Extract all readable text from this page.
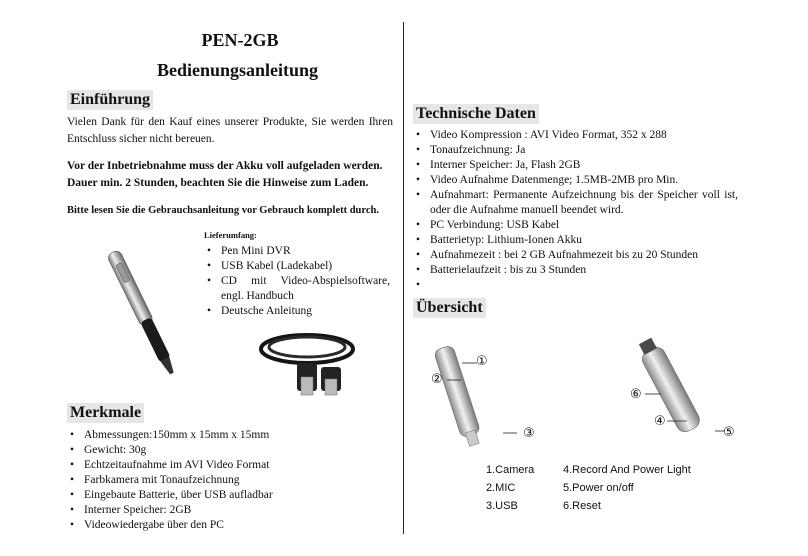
PEN-2GB
Bedienungsanleitung
Einführung
Vielen Dank für den Kauf eines unserer Produkte, Sie werden Ihren Entschluss sicher nicht bereuen.
Vor der Inbetriebnahme muss der Akku voll aufgeladen werden. Dauer min. 2 Stunden, beachten Sie die Hinweise zum Laden.
Bitte lesen Sie die Gebrauchsanleitung vor Gebrauch komplett durch.
Lieferumfang:
• Pen Mini DVR
• USB Kabel (Ladekabel)
• CD mit Video-Abspielsoftware, engl. Handbuch
• Deutsche Anleitung
Merkmale
• Abmessungen:150mm x 15mm x 15mm
• Gewicht: 30g
• Echtzeitaufnahme im AVI Video Format
• Farbkamera mit Tonaufzeichnung
• Eingebaute Batterie, über USB aufladbar
• Interner Speicher: 2GB
• Videowiedergabe über den PC
Technische Daten
• Video Kompression : AVI Video Format, 352 x 288
• Tonaufzeichnung: Ja
• Interner Speicher: Ja, Flash 2GB
• Video Aufnahme Datenmenge; 1.5MB-2MB pro Min.
• Aufnahmart: Permanente Aufzeichnung bis der Speicher voll ist, oder die Aufnahme manuell beendet wird.
• PC Verbindung: USB Kabel
• Batterietyp: Lithium-Ionen Akku
• Aufnahmezeit : bei 2 GB Aufnahmezeit bis zu 20 Stunden
• Batterielaufzeit : bis zu 3 Stunden
•
Übersicht
①
②
③
⑥
④
⑤
1.Camera
2.MIC
3.USB
4.Record And Power Light
5.Power on/off
6.Reset
